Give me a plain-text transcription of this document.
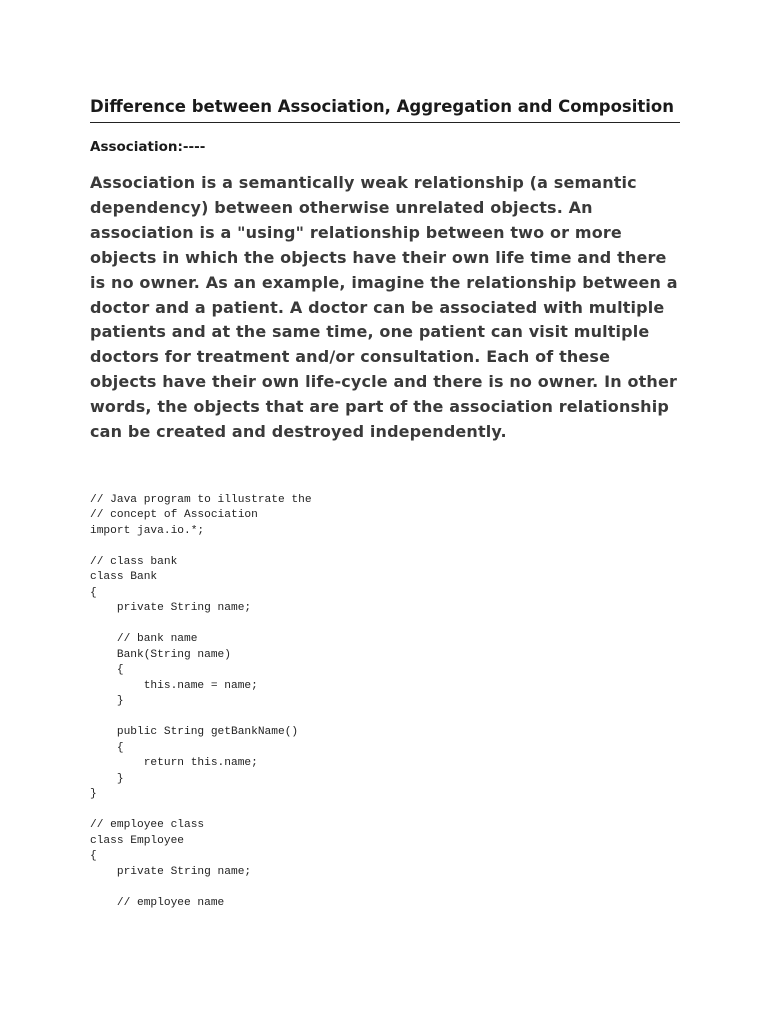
Difference between Association, Aggregation and Composition
Association:----

Association is a semantically weak relationship (a semantic dependency) between otherwise unrelated objects. An association is a "using" relationship between two or more objects in which the objects have their own life time and there is no owner. As an example, imagine the relationship between a doctor and a patient. A doctor can be associated with multiple patients and at the same time, one patient can visit multiple doctors for treatment and/or consultation. Each of these objects have their own life-cycle and there is no owner. In other words, the objects that are part of the association relationship can be created and destroyed independently.

// Java program to illustrate the
// concept of Association
import java.io.*;

// class bank
class Bank
{
private String name;

// bank name
Bank(String name)
{
this.name = name;
}

public String getBankName()
{
return this.name;
}
}

// employee class
class Employee
{
private String name;

// employee name
